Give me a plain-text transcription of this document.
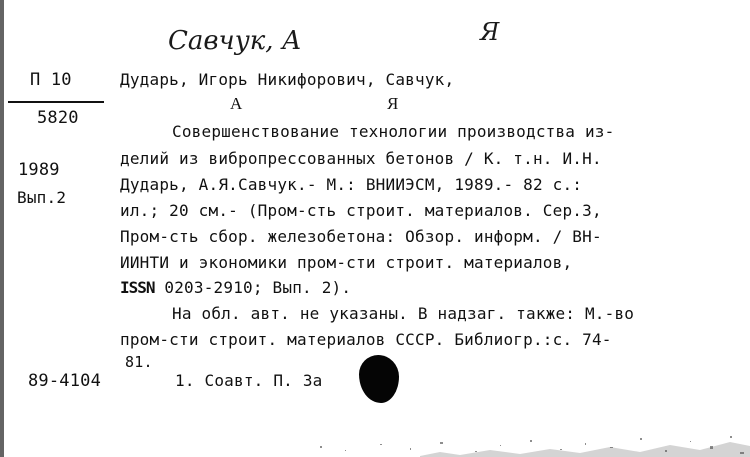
Савчук, А	Я
П 10
5820
1989
Вып.2
Дударь, Игорь Никифорович, Савчук,
А	Я
Совершенствование технологии производства из-
делий из вибропрессованных бетонов / К. т.н. И.Н.
Дударь, А.Я.Савчук.- М.: ВНИИЭСМ, 1989.- 82 с.:
ил.; 20 см.- (Пром-сть строит. материалов. Сер.3,
Пром-сть сбор. железобетона: Обзор. информ. / ВН-
ИИНТИ и экономики пром-сти строит. материалов,
ISSN 0203-2910; Вып. 2).
На обл. авт. не указаны. В надзаг. также: М.-во
пром-сти строит. материалов СССР. Библиогр.:с. 74-
81.
89-4104	1. Соавт. П. За
